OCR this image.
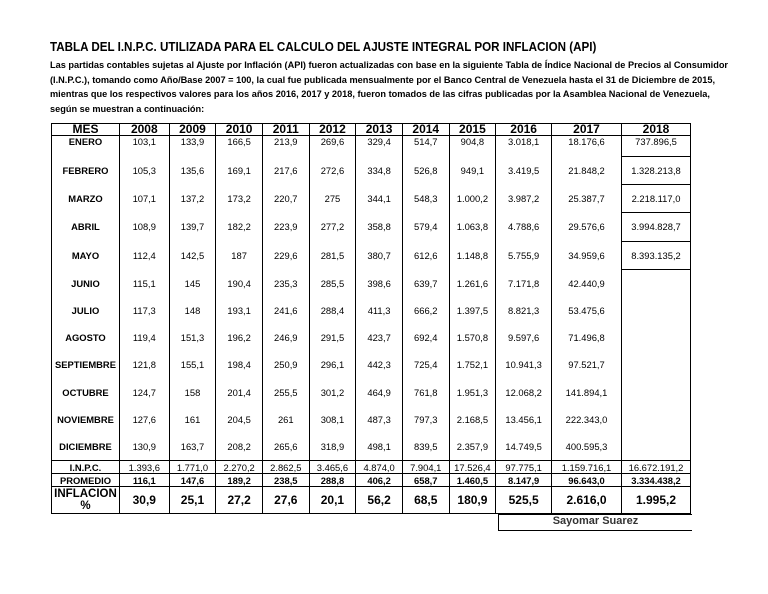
TABLA DEL I.N.P.C. UTILIZADA PARA EL CALCULO DEL AJUSTE INTEGRAL POR INFLACION (API)
Las partidas contables sujetas al Ajuste por Inflación (API) fueron actualizadas con base en la siguiente Tabla de Índice Nacional de Precios al Consumidor
(I.N.P.C.), tomando como Año/Base 2007 = 100, la cual fue publicada mensualmente por el Banco Central de Venezuela hasta el 31 de Diciembre de 2015,
mientras que los respectivos valores para los años 2016, 2017 y 2018, fueron tomados de las cifras publicadas por la Asamblea Nacional de Venezuela,
según se muestran a continuación:
MES	2008	2009	2010	2011	2012	2013	2014	2015	2016	2017	2018
ENERO	103,1	133,9	166,5	213,9	269,6	329,4	514,7	904,8	3.018,1	18.176,6	737.896,5
FEBRERO	105,3	135,6	169,1	217,6	272,6	334,8	526,8	949,1	3.419,5	21.848,2	1.328.213,8
MARZO	107,1	137,2	173,2	220,7	275	344,1	548,3	1.000,2	3.987,2	25.387,7	2.218.117,0
ABRIL	108,9	139,7	182,2	223,9	277,2	358,8	579,4	1.063,8	4.788,6	29.576,6	3.994.828,7
MAYO	112,4	142,5	187	229,6	281,5	380,7	612,6	1.148,8	5.755,9	34.959,6	8.393.135,2
JUNIO	115,1	145	190,4	235,3	285,5	398,6	639,7	1.261,6	7.171,8	42.440,9	
JULIO	117,3	148	193,1	241,6	288,4	411,3	666,2	1.397,5	8.821,3	53.475,6	
AGOSTO	119,4	151,3	196,2	246,9	291,5	423,7	692,4	1.570,8	9.597,6	71.496,8	
SEPTIEMBRE	121,8	155,1	198,4	250,9	296,1	442,3	725,4	1.752,1	10.941,3	97.521,7	
OCTUBRE	124,7	158	201,4	255,5	301,2	464,9	761,8	1.951,3	12.068,2	141.894,1	
NOVIEMBRE	127,6	161	204,5	261	308,1	487,3	797,3	2.168,5	13.456,1	222.343,0	
DICIEMBRE	130,9	163,7	208,2	265,6	318,9	498,1	839,5	2.357,9	14.749,5	400.595,3	
I.N.P.C.	1.393,6	1.771,0	2.270,2	2.862,5	3.465,6	4.874,0	7.904,1	17.526,4	97.775,1	1.159.716,1	16.672.191,2
PROMEDIO	116,1	147,6	189,2	238,5	288,8	406,2	658,7	1.460,5	8.147,9	96.643,0	3.334.438,2

INFLACION
%	30,9	25,1	27,2	27,6	20,1	56,2	68,5	180,9	525,5	2.616,0	1.995,2
Sayomar Suarez
